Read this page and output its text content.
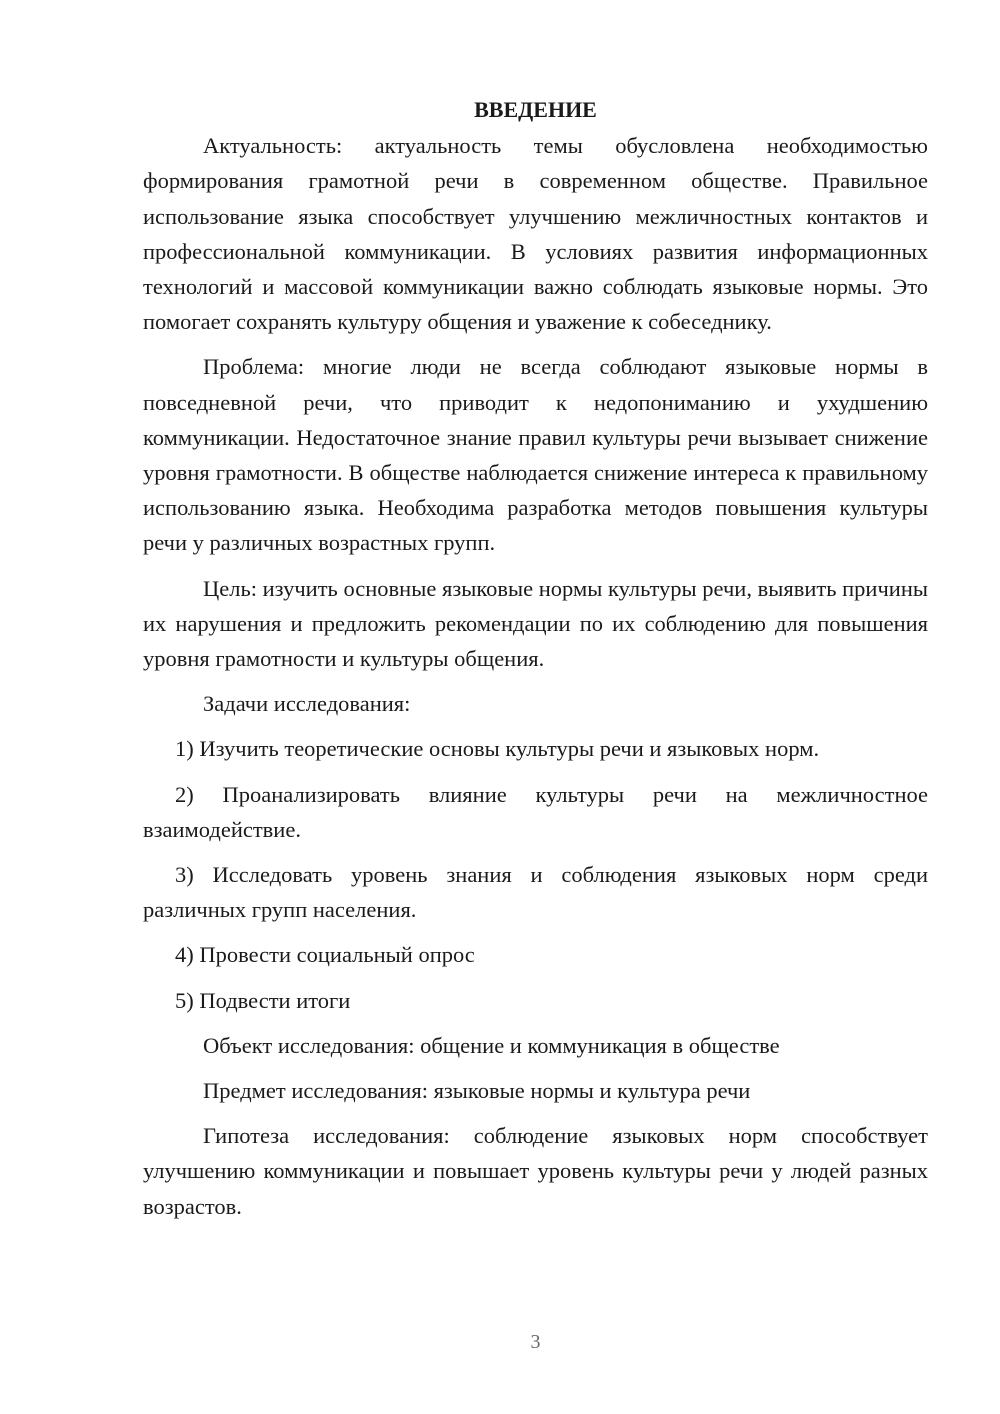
ВВЕДЕНИЕ

Актуальность: актуальность темы обусловлена необходимостью формирования грамотной речи в современном обществе. Правильное использование языка способствует улучшению межличностных контактов и профессиональной коммуникации. В условиях развития информационных технологий и массовой коммуникации важно соблюдать языковые нормы. Это помогает сохранять культуру общения и уважение к собеседнику.

Проблема: многие люди не всегда соблюдают языковые нормы в повседневной речи, что приводит к недопониманию и ухудшению коммуникации. Недостаточное знание правил культуры речи вызывает снижение уровня грамотности. В обществе наблюдается снижение интереса к правильному использованию языка. Необходима разработка методов повышения культуры речи у различных возрастных групп.

Цель: изучить основные языковые нормы культуры речи, выявить причины их нарушения и предложить рекомендации по их соблюдению для повышения уровня грамотности и культуры общения.

Задачи исследования:

1) Изучить теоретические основы культуры речи и языковых норм.

2) Проанализировать влияние культуры речи на межличностное взаимодействие.

3) Исследовать уровень знания и соблюдения языковых норм среди различных групп населения.

4) Провести социальный опрос

5) Подвести итоги

Объект исследования: общение и коммуникация в обществе

Предмет исследования: языковые нормы и культура речи

Гипотеза исследования: соблюдение языковых норм способствует улучшению коммуникации и повышает уровень культуры речи у людей разных возрастов.

3
